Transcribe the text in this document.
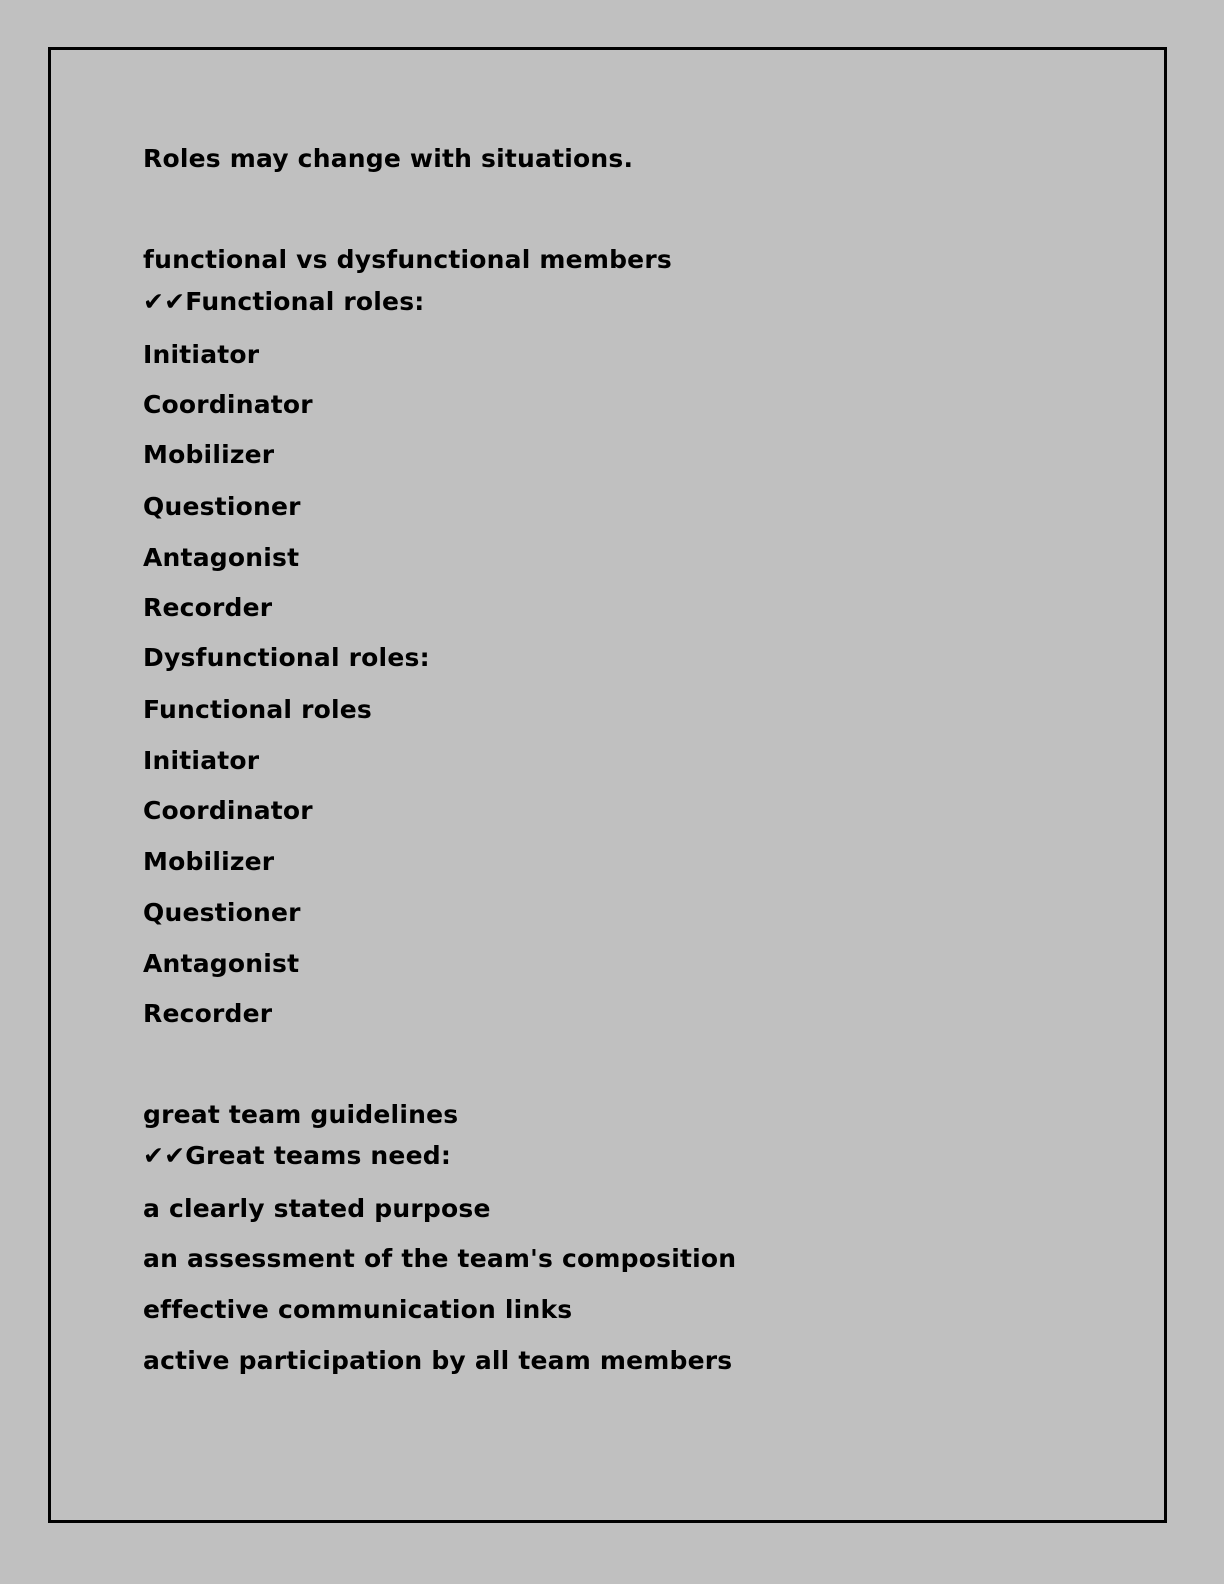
Roles may change with situations.
functional vs dysfunctional members
✔✔Functional roles:
Initiator
Coordinator
Mobilizer
Questioner
Antagonist
Recorder
Dysfunctional roles:
Functional roles
Initiator
Coordinator
Mobilizer
Questioner
Antagonist
Recorder
great team guidelines
✔✔Great teams need:
a clearly stated purpose
an assessment of the team's composition
effective communication links
active participation by all team members
